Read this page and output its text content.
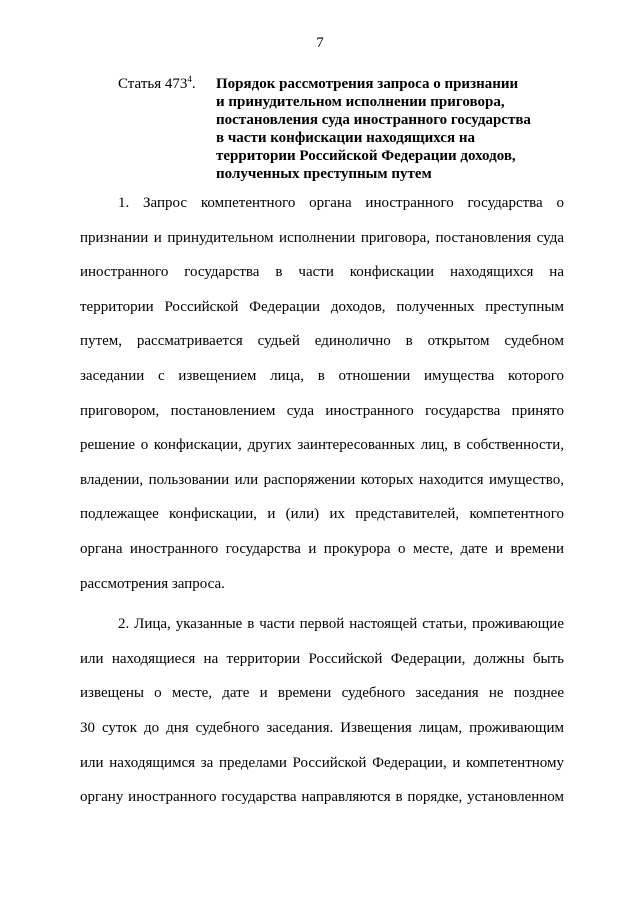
7
Статья $473^4$. Порядок рассмотрения запроса о признании
и принудительном исполнении приговора,
постановления суда иностранного государства
в части конфискации находящихся на
территории Российской Федерации доходов,
полученных преступным путем
1. Запрос компетентного органа иностранного государства о
признании и принудительном исполнении приговора, постановления суда
иностранного государства в части конфискации находящихся на
территории Российской Федерации доходов, полученных преступным
путем, рассматривается судьей единолично в открытом судебном
заседании с извещением лица, в отношении имущества которого
приговором, постановлением суда иностранного государства принято
решение о конфискации, других заинтересованных лиц, в собственности,
владении, пользовании или распоряжении которых находится имущество,
подлежащее конфискации, и (или) их представителей, компетентного
органа иностранного государства и прокурора о месте, дате и времени
рассмотрения запроса.
2. Лица, указанные в части первой настоящей статьи, проживающие
или находящиеся на территории Российской Федерации, должны быть
извещены о месте, дате и времени судебного заседания не позднее
30 суток до дня судебного заседания. Извещения лицам, проживающим
или находящимся за пределами Российской Федерации, и компетентному
органу иностранного государства направляются в порядке, установленном
